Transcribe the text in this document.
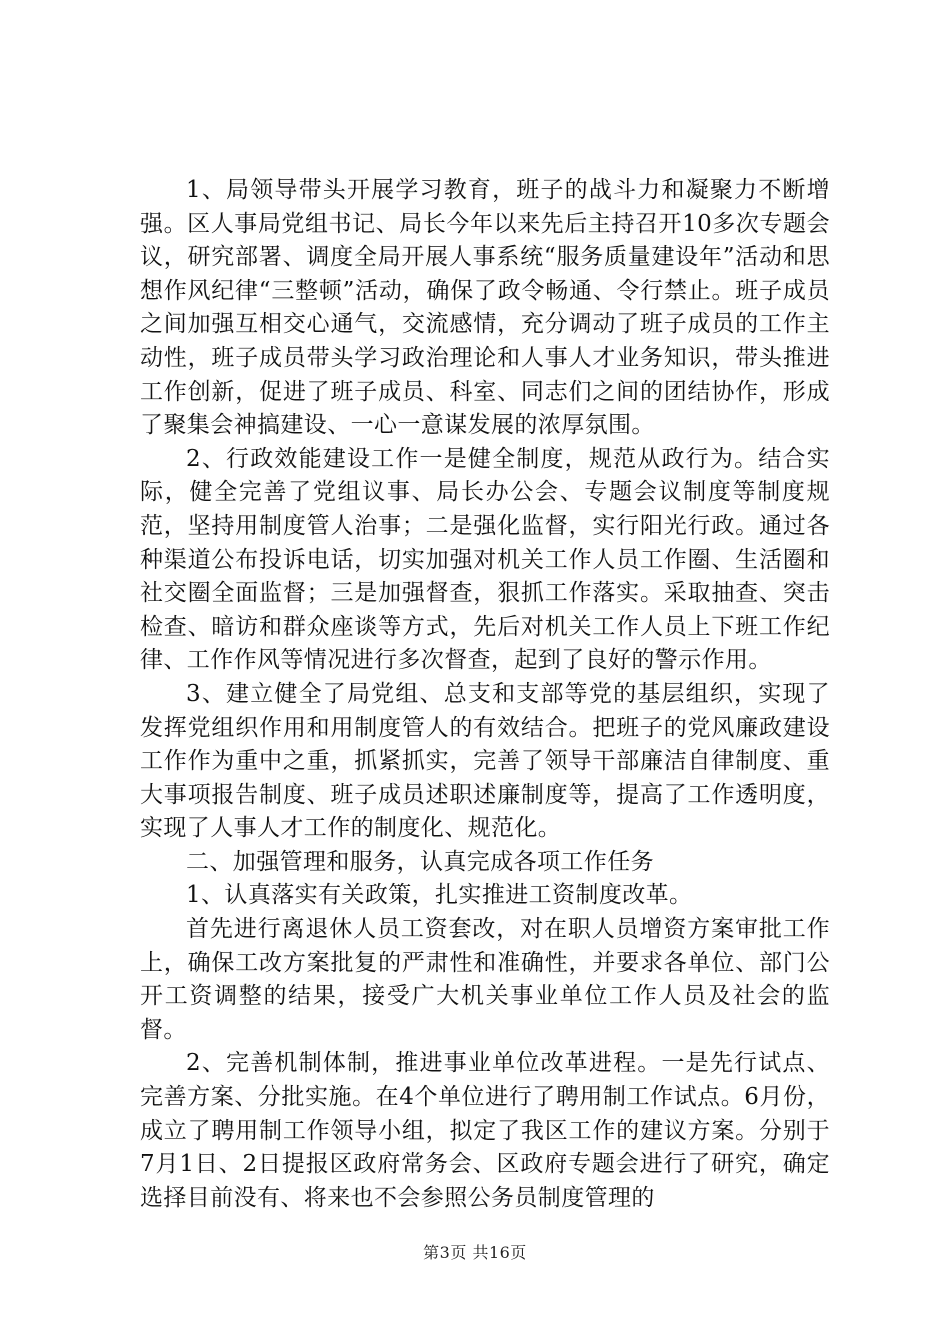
1、局领导带头开展学习教育，班子的战斗力和凝聚力不断增强。区人事局党组书记、局长今年以来先后主持召开10多次专题会议，研究部署、调度全局开展人事系统“服务质量建设年”活动和思想作风纪律“三整顿”活动，确保了政令畅通、令行禁止。班子成员之间加强互相交心通气，交流感情，充分调动了班子成员的工作主动性，班子成员带头学习政治理论和人事人才业务知识，带头推进工作创新，促进了班子成员、科室、同志们之间的团结协作，形成了聚集会神搞建设、一心一意谋发展的浓厚氛围。

2、行政效能建设工作一是健全制度，规范从政行为。结合实际，健全完善了党组议事、局长办公会、专题会议制度等制度规范，坚持用制度管人治事；二是强化监督，实行阳光行政。通过各种渠道公布投诉电话，切实加强对机关工作人员工作圈、生活圈和社交圈全面监督；三是加强督查，狠抓工作落实。采取抽查、突击检查、暗访和群众座谈等方式，先后对机关工作人员上下班工作纪律、工作作风等情况进行多次督查，起到了良好的警示作用。

3、建立健全了局党组、总支和支部等党的基层组织，实现了发挥党组织作用和用制度管人的有效结合。把班子的党风廉政建设工作作为重中之重，抓紧抓实，完善了领导干部廉洁自律制度、重大事项报告制度、班子成员述职述廉制度等，提高了工作透明度，实现了人事人才工作的制度化、规范化。

二、加强管理和服务，认真完成各项工作任务

1、认真落实有关政策，扎实推进工资制度改革。

首先进行离退休人员工资套改，对在职人员增资方案审批工作上，确保工改方案批复的严肃性和准确性，并要求各单位、部门公开工资调整的结果，接受广大机关事业单位工作人员及社会的监督。

2、完善机制体制，推进事业单位改革进程。一是先行试点、完善方案、分批实施。在4个单位进行了聘用制工作试点。6月份，成立了聘用制工作领导小组，拟定了我区工作的建议方案。分别于7月1日、2日提报区政府常务会、区政府专题会进行了研究，确定选择目前没有、将来也不会参照公务员制度管理的

第3页 共16页
